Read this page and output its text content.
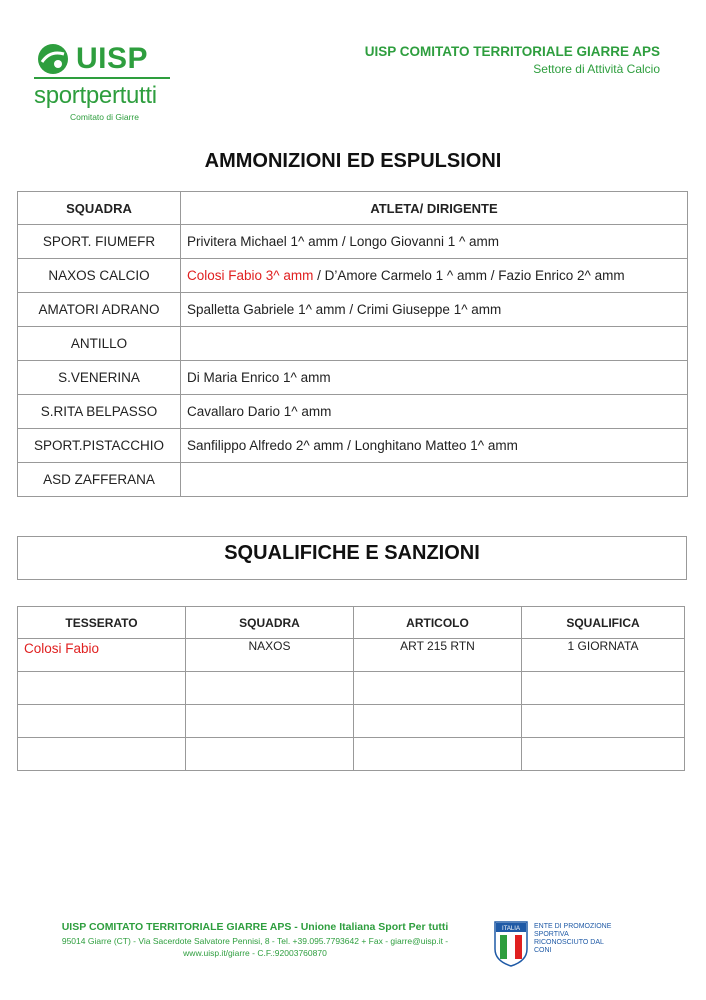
UISP
sportpertutti
Comitato di Giarre
UISP COMITATO TERRITORIALE GIARRE APS
Settore di Attività Calcio
AMMONIZIONI ED ESPULSIONI
SQUADRA	ATLETA/ DIRIGENTE
SPORT. FIUMEFR	Privitera Michael 1^ amm / Longo Giovanni 1 ^ amm
NAXOS CALCIO	Colosi Fabio 3^ amm / D’Amore Carmelo 1 ^ amm / Fazio Enrico 2^ amm
AMATORI ADRANO	Spalletta Gabriele 1^ amm / Crimi Giuseppe 1^ amm
ANTILLO	
S.VENERINA	Di Maria Enrico 1^ amm
S.RITA BELPASSO	Cavallaro Dario 1^ amm
SPORT.PISTACCHIO	Sanfilippo Alfredo 2^ amm / Longhitano Matteo 1^ amm
ASD ZAFFERANA	
SQUALIFICHE E SANZIONI
TESSERATO	SQUADRA	ARTICOLO	SQUALIFICA
Colosi Fabio	NAXOS	ART 215 RTN	1 GIORNATA

UISP COMITATO TERRITORIALE GIARRE APS - Unione Italiana Sport Per tutti
95014 Giarre (CT) - Via Sacerdote Salvatore Pennisi, 8 - Tel. +39.095.7793642 + Fax - giarre@uisp.it - www.uisp.it/giarre - C.F.:92003760870
ITALIA ENTE DI PROMOZIONE SPORTIVA RICONOSCIUTO DAL CONI
